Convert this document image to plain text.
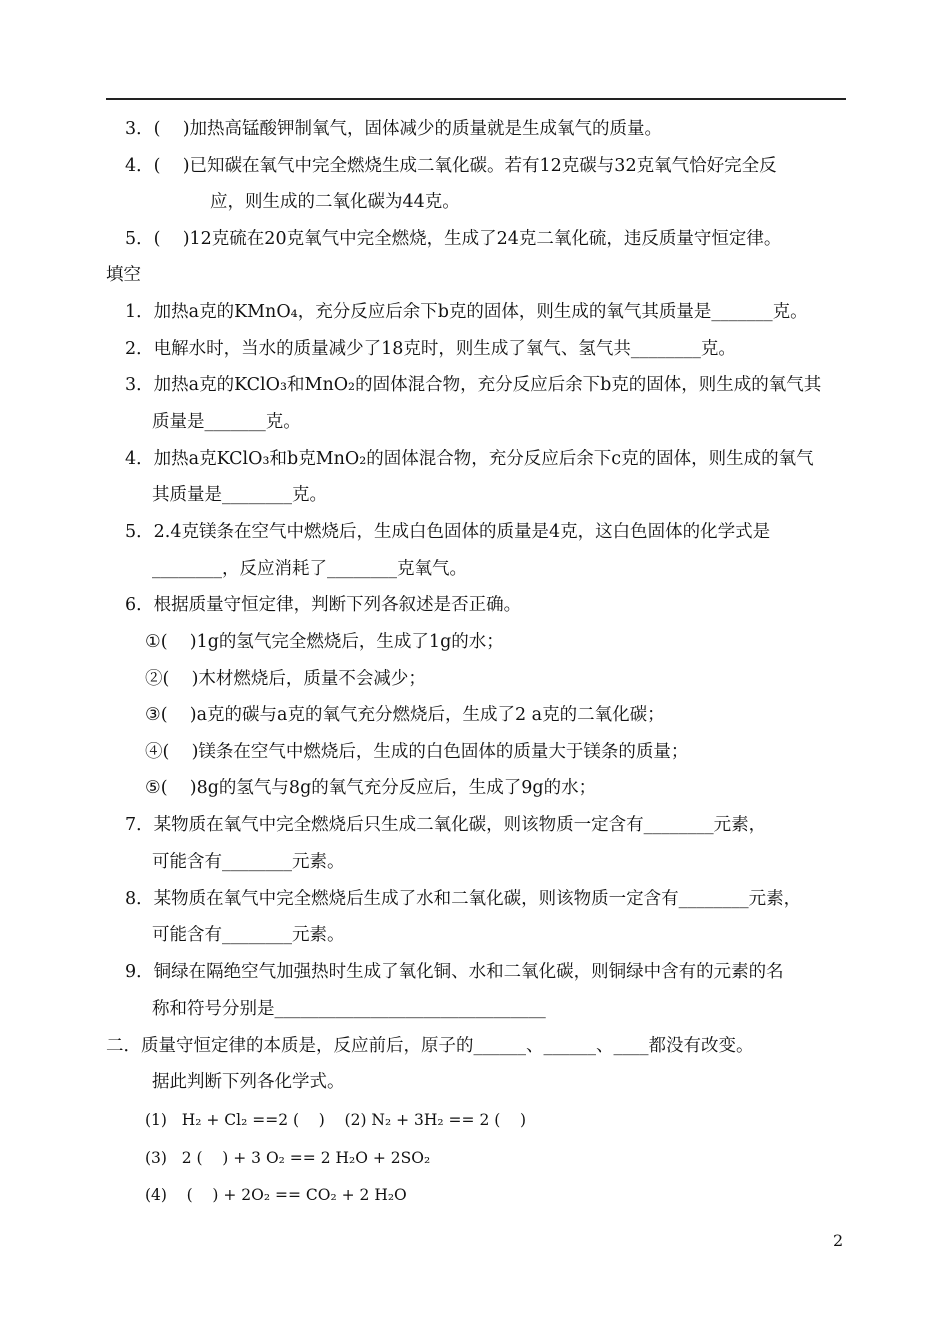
3．(    )加热高锰酸钾制氧气，固体减少的质量就是生成氧气的质量。
4．(    )已知碳在氧气中完全燃烧生成二氧化碳。若有12克碳与32克氧气恰好完全反
应，则生成的二氧化碳为44克。
5．(    )12克硫在20克氧气中完全燃烧，生成了24克二氧化硫，违反质量守恒定律。
填空
1．加热a克的KMnO₄，充分反应后余下b克的固体，则生成的氧气其质量是_______克。
2．电解水时，当水的质量减少了18克时，则生成了氧气、氢气共________克。
3．加热a克的KClO₃和MnO₂的固体混合物，充分反应后余下b克的固体，则生成的氧气其
质量是_______克。
4．加热a克KClO₃和b克MnO₂的固体混合物，充分反应后余下c克的固体，则生成的氧气
其质量是________克。
5．2.4克镁条在空气中燃烧后，生成白色固体的质量是4克，这白色固体的化学式是
________，反应消耗了________克氧气。
6．根据质量守恒定律，判断下列各叙述是否正确。
①(    )1g的氢气完全燃烧后，生成了1g的水；
②(    )木材燃烧后，质量不会减少；
③(    )a克的碳与a克的氧气充分燃烧后，生成了2 a克的二氧化碳；
④(    )镁条在空气中燃烧后，生成的白色固体的质量大于镁条的质量；
⑤(    )8g的氢气与8g的氧气充分反应后，生成了9g的水；
7．某物质在氧气中完全燃烧后只生成二氧化碳，则该物质一定含有________元素，
可能含有________元素。
8．某物质在氧气中完全燃烧后生成了水和二氧化碳，则该物质一定含有________元素，
可能含有________元素。
9．铜绿在隔绝空气加强热时生成了氧化铜、水和二氧化碳，则铜绿中含有的元素的名
称和符号分别是_______________________________
二．质量守恒定律的本质是，反应前后，原子的______、______、____都没有改变。
据此判断下列各化学式。
(1)   H₂ + Cl₂ ==2 (    )    (2) N₂ + 3H₂ == 2 (    )
(3)   2 (    ) + 3 O₂ == 2 H₂O + 2SO₂
(4)    (    ) + 2O₂ == CO₂ + 2 H₂O
2
